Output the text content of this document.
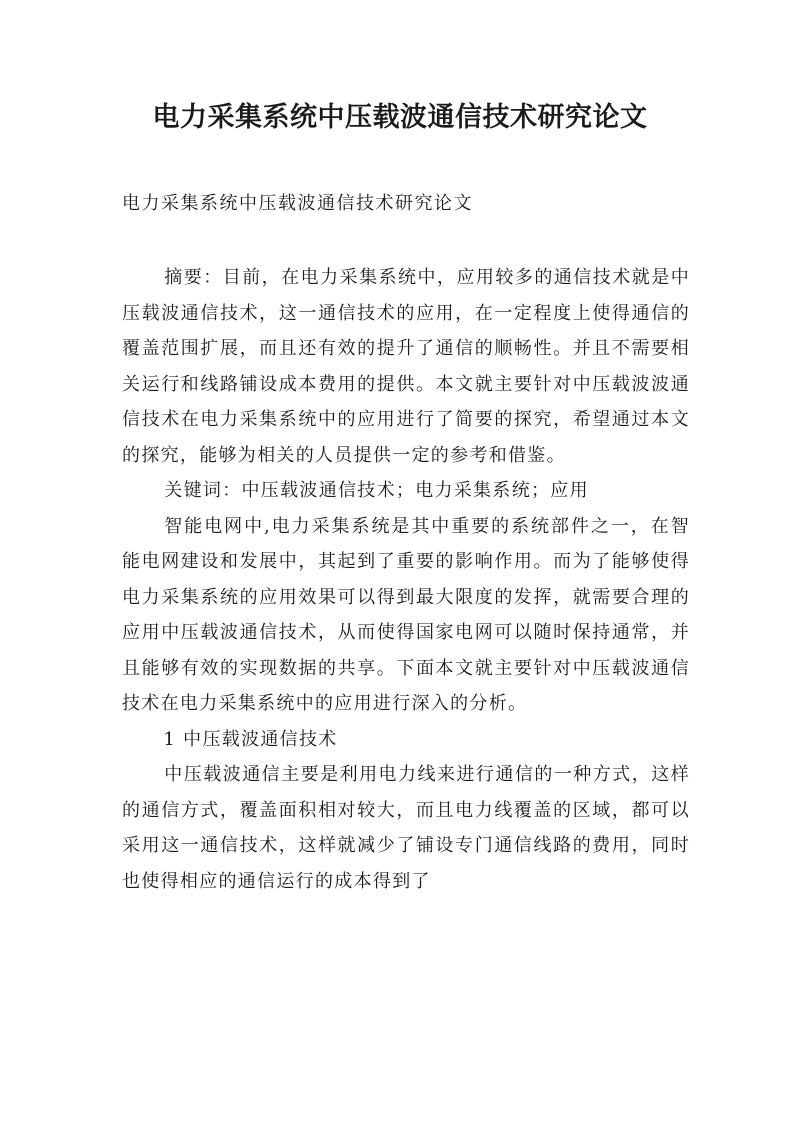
电力采集系统中压载波通信技术研究论文

电力采集系统中压载波通信技术研究论文

摘要：目前，在电力采集系统中，应用较多的通信技术就是中压载波通信技术，这一通信技术的应用，在一定程度上使得通信的覆盖范围扩展，而且还有效的提升了通信的顺畅性。并且不需要相关运行和线路铺设成本费用的提供。本文就主要针对中压载波波通信技术在电力采集系统中的应用进行了简要的探究，希望通过本文的探究，能够为相关的人员提供一定的参考和借鉴。

关键词：中压载波通信技术；电力采集系统；应用

智能电网中,电力采集系统是其中重要的系统部件之一，在智能电网建设和发展中，其起到了重要的影响作用。而为了能够使得电力采集系统的应用效果可以得到最大限度的发挥，就需要合理的应用中压载波通信技术，从而使得国家电网可以随时保持通常，并且能够有效的实现数据的共享。下面本文就主要针对中压载波通信技术在电力采集系统中的应用进行深入的分析。

1 中压载波通信技术

中压载波通信主要是利用电力线来进行通信的一种方式，这样的通信方式，覆盖面积相对较大，而且电力线覆盖的区域，都可以采用这一通信技术，这样就减少了铺设专门通信线路的费用，同时也使得相应的通信运行的成本得到了
